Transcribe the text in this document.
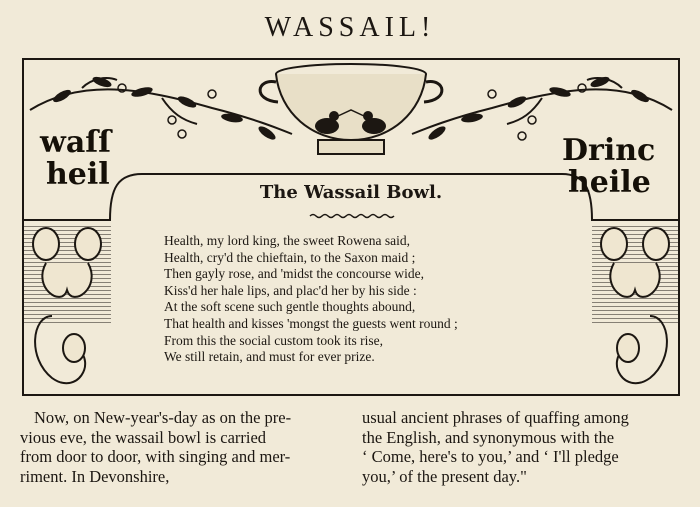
WASSAIL!
waſſ
heil
Drinc
heile
The Wassail Bowl.
Health, my lord king, the sweet Rowena said,
Health, cry'd the chieftain, to the Saxon maid ;
Then gayly rose, and 'midst the concourse wide,
Kiss'd her hale lips, and plac'd her by his side :
At the soft scene such gentle thoughts abound,
That health and kisses 'mongst the guests went round ;
From this the social custom took its rise,
We still retain, and must for ever prize.
Now, on New-year's-day as on the pre-
vious eve, the wassail bowl is carried
from door to door, with singing and mer-
riment. In Devonshire,
usual ancient phrases of quaffing among
the English, and synonymous with the
‘ Come, here's to you,’ and ‘ I'll pledge
you,’ of the present day."
